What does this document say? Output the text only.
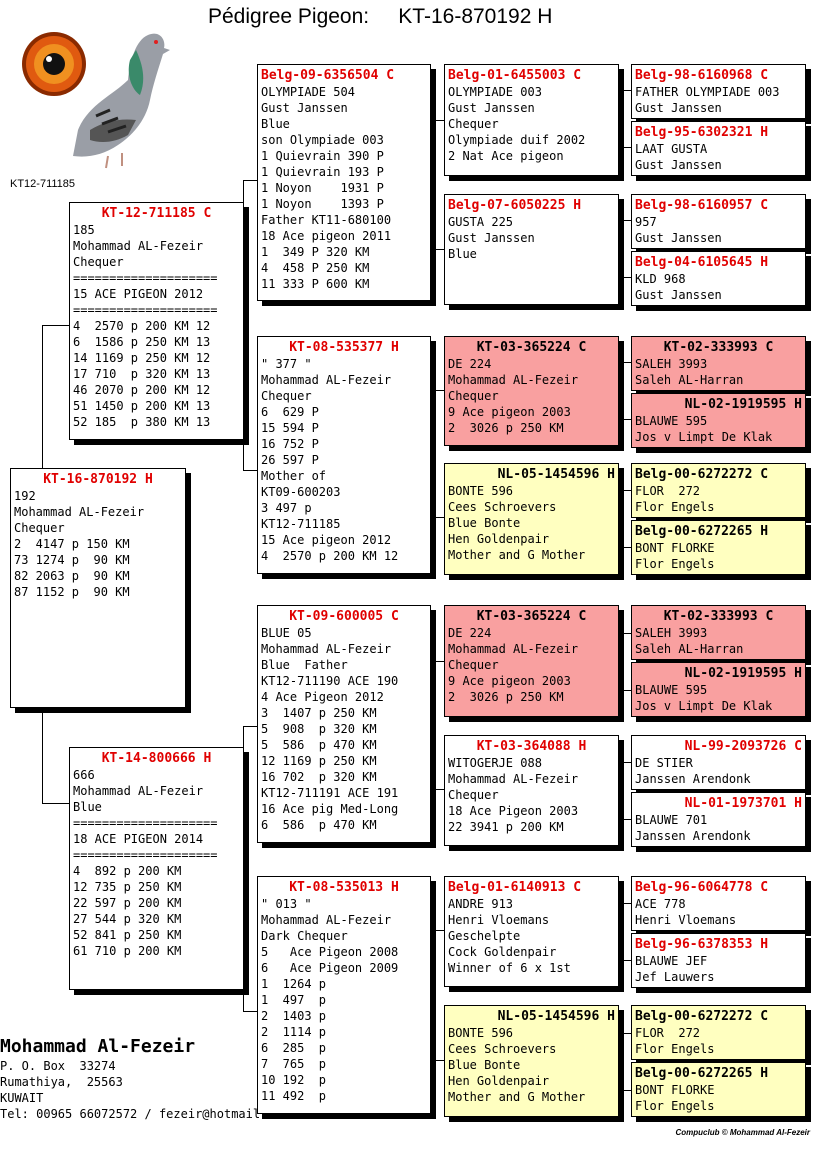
Pédigree Pigeon:     KT-16-870192 H
KT12-711185
KT-16-870192 H
192
Mohammad AL-Fezeir
Chequer
2  4147 p 150 KM
73 1274 p  90 KM
82 2063 p  90 KM
87 1152 p  90 KM
KT-12-711185 C
185
Mohammad AL-Fezeir
Chequer
====================
15 ACE PIGEON 2012
====================
4  2570 p 200 KM 12
6  1586 p 250 KM 13
14 1169 p 250 KM 12
17 710  p 320 KM 13
46 2070 p 200 KM 12
51 1450 p 200 KM 13
52 185  p 380 KM 13
KT-14-800666 H
666
Mohammad AL-Fezeir
Blue
====================
18 ACE PIGEON 2014
====================
4  892 p 200 KM
12 735 p 250 KM
22 597 p 200 KM
27 544 p 320 KM
52 841 p 250 KM
61 710 p 200 KM
Belg-09-6356504 C
OLYMPIADE 504
Gust Janssen
Blue
son Olympiade 003
1 Quievrain 390 P
1 Quievrain 193 P
1 Noyon    1931 P
1 Noyon    1393 P
Father KT11-680100
18 Ace pigeon 2011
1  349 P 320 KM
4  458 P 250 KM
11 333 P 600 KM
KT-08-535377 H
" 377 "
Mohammad AL-Fezeir
Chequer
6  629 P
15 594 P
16 752 P
26 597 P
Mother of
KT09-600203
3 497 p
KT12-711185
15 Ace pigeon 2012
4  2570 p 200 KM 12
KT-09-600005 C
BLUE 05
Mohammad AL-Fezeir
Blue  Father
KT12-711190 ACE 190
4 Ace Pigeon 2012
3  1407 p 250 KM
5  908  p 320 KM
5  586  p 470 KM
12 1169 p 250 KM
16 702  p 320 KM
KT12-711191 ACE 191
16 Ace pig Med-Long
6  586  p 470 KM
KT-08-535013 H
" 013 "
Mohammad AL-Fezeir
Dark Chequer
5   Ace Pigeon 2008
6   Ace Pigeon 2009
1  1264 p
1  497  p
2  1403 p
2  1114 p
6  285  p
7  765  p
10 192  p
11 492  p
Belg-01-6455003 C
OLYMPIADE 003
Gust Janssen
Chequer
Olympiade duif 2002
2 Nat Ace pigeon
Belg-07-6050225 H
GUSTA 225
Gust Janssen
Blue
KT-03-365224 C
DE 224
Mohammad AL-Fezeir
Chequer
9 Ace pigeon 2003
2  3026 p 250 KM
NL-05-1454596 H
BONTE 596
Cees Schroevers
Blue Bonte
Hen Goldenpair
Mother and G Mother
KT-03-365224 C
DE 224
Mohammad AL-Fezeir
Chequer
9 Ace pigeon 2003
2  3026 p 250 KM
KT-03-364088 H
WITOGERJE 088
Mohammad AL-Fezeir
Chequer
18 Ace Pigeon 2003
22 3941 p 200 KM
Belg-01-6140913 C
ANDRE 913
Henri Vloemans
Geschelpte
Cock Goldenpair
Winner of 6 x 1st
NL-05-1454596 H
BONTE 596
Cees Schroevers
Blue Bonte
Hen Goldenpair
Mother and G Mother
Belg-98-6160968 C
FATHER OLYMPIADE 003
Gust Janssen
Belg-95-6302321 H
LAAT GUSTA
Gust Janssen
Belg-98-6160957 C
957
Gust Janssen
Belg-04-6105645 H
KLD 968
Gust Janssen
KT-02-333993 C
SALEH 3993
Saleh AL-Harran
NL-02-1919595 H
BLAUWE 595
Jos v Limpt De Klak
Belg-00-6272272 C
FLOR  272
Flor Engels
Belg-00-6272265 H
BONT FLORKE
Flor Engels
KT-02-333993 C
SALEH 3993
Saleh AL-Harran
NL-02-1919595 H
BLAUWE 595
Jos v Limpt De Klak
NL-99-2093726 C
DE STIER
Janssen Arendonk
NL-01-1973701 H
BLAUWE 701
Janssen Arendonk
Belg-96-6064778 C
ACE 778
Henri Vloemans
Belg-96-6378353 H
BLAUWE JEF
Jef Lauwers
Belg-00-6272272 C
FLOR  272
Flor Engels
Belg-00-6272265 H
BONT FLORKE
Flor Engels
Mohammad Al-Fezeir
P. O. Box  33274
Rumathiya,  25563
KUWAIT
Tel: 00965 66072572 / fezeir@hotmail.
Compuclub © Mohammad Al-Fezeir
